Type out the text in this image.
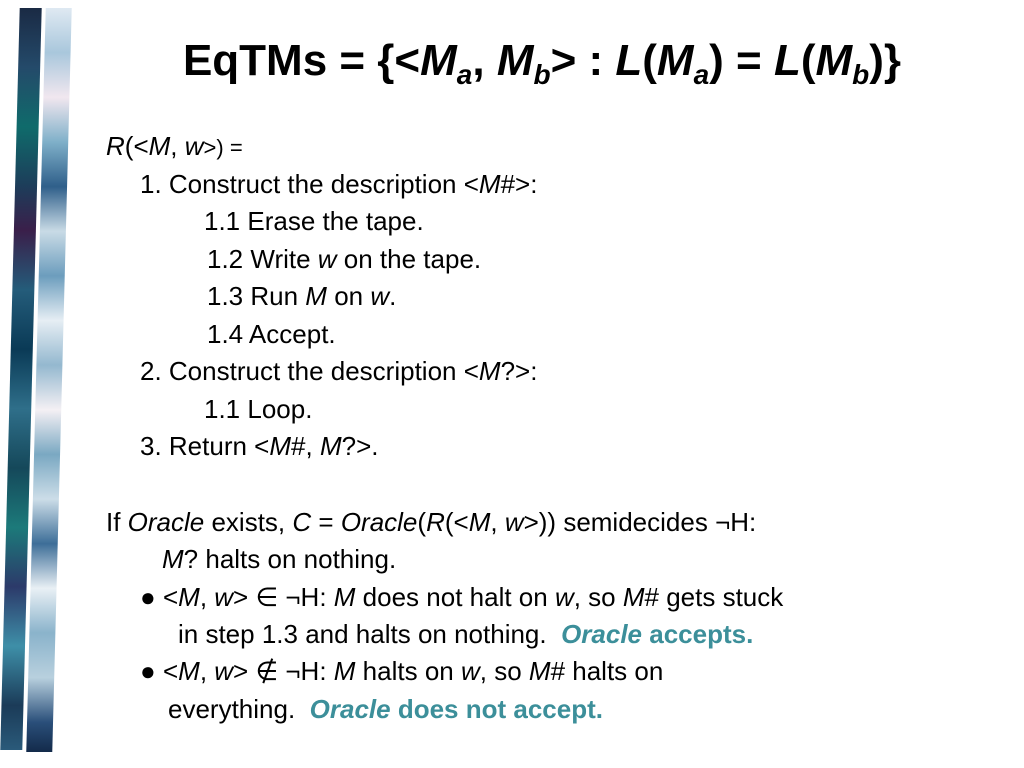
EqTMs = {$<M_a$, $M_b>$ : $L(M_a) = L(M_b)$}
R(<M, w>) =
1. Construct the description <M#>:
1.1 Erase the tape.
1.2 Write w on the tape.
1.3 Run M on w.
1.4 Accept.
2. Construct the description <M?>:
1.1 Loop.
3. Return <M#, M?>.
If Oracle exists, C = Oracle(R(<M, w>)) semidecides ¬H:
M? halts on nothing.
● <M, w> ∈ ¬H: M does not halt on w, so M# gets stuck
in step 1.3 and halts on nothing. Oracle accepts.
● <M, w> ∉ ¬H: M halts on w, so M# halts on
everything. Oracle does not accept.
